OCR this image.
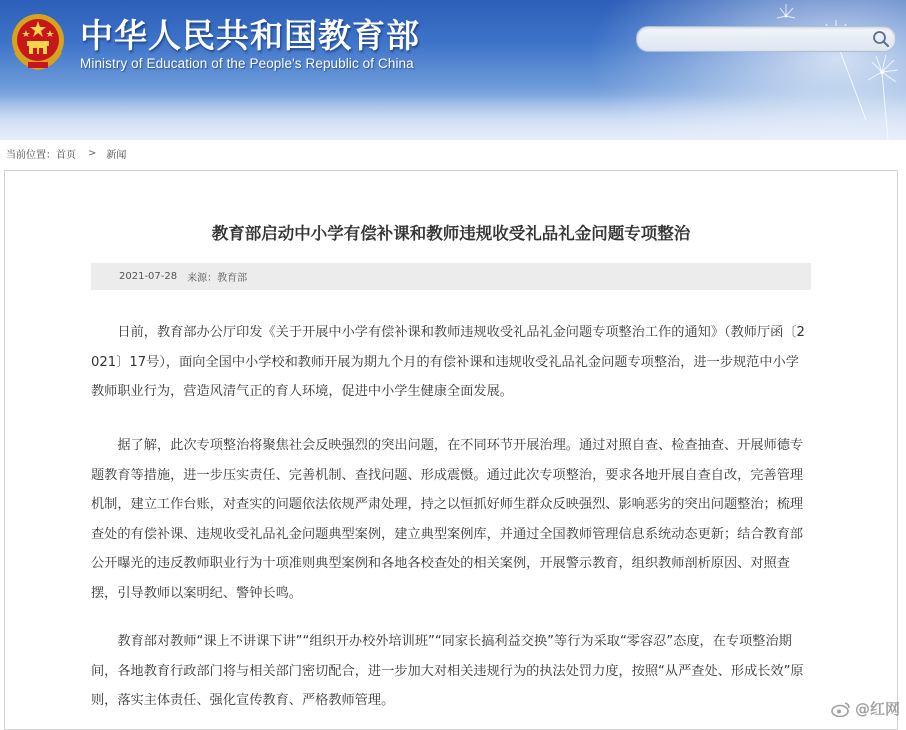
中华人民共和国教育部
Ministry of Education of the People's Republic of China
当前位置： 首页 > 新闻
教育部启动中小学有偿补课和教师违规收受礼品礼金问题专项整治
2021-07-28 来源：教育部

日前，教育部办公厅印发《关于开展中小学有偿补课和教师违规收受礼品礼金问题专项整治工作的通知》（教师厅函〔2021〕17号），面向全国中小学校和教师开展为期九个月的有偿补课和违规收受礼品礼金问题专项整治，进一步规范中小学教师职业行为，营造风清气正的育人环境，促进中小学生健康全面发展。

据了解，此次专项整治将聚焦社会反映强烈的突出问题，在不同环节开展治理。通过对照自查、检查抽查、开展师德专题教育等措施，进一步压实责任、完善机制、查找问题、形成震慑。通过此次专项整治，要求各地开展自查自改，完善管理机制，建立工作台账，对查实的问题依法依规严肃处理，持之以恒抓好师生群众反映强烈、影响恶劣的突出问题整治；梳理查处的有偿补课、违规收受礼品礼金问题典型案例，建立典型案例库，并通过全国教师管理信息系统动态更新；结合教育部公开曝光的违反教师职业行为十项准则典型案例和各地各校查处的相关案例，开展警示教育，组织教师剖析原因、对照查摆，引导教师以案明纪、警钟长鸣。

教育部对教师“课上不讲课下讲”“组织开办校外培训班”“同家长搞利益交换”等行为采取“零容忍”态度，在专项整治期间，各地教育行政部门将与相关部门密切配合，进一步加大对相关违规行为的执法处罚力度，按照“从严查处、形成长效”原则，落实主体责任、强化宣传教育、严格教师管理。	@红网
